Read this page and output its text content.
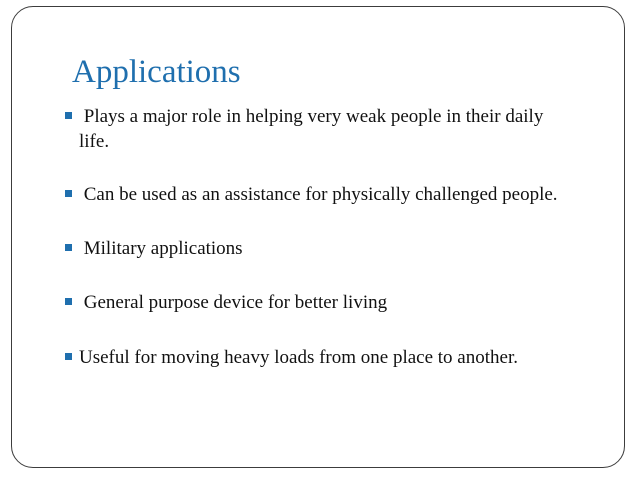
Applications
Plays a major role in helping very weak people in their daily life.
Can be used as an assistance for physically challenged people.
Military applications
General purpose device for better living
Useful for moving heavy loads from one place to another.
